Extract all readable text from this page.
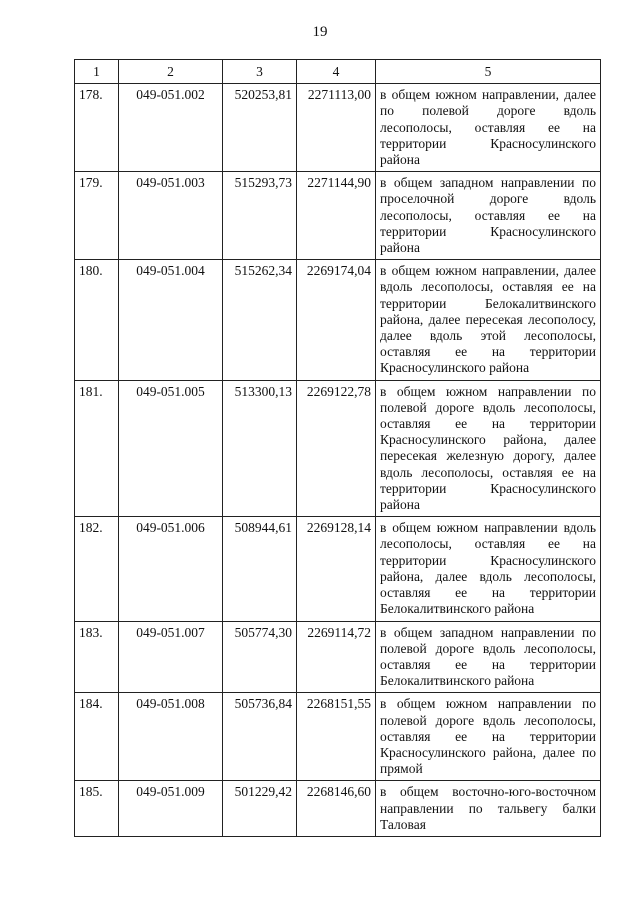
19
1	2	3	4	5
178.	049-051.002	520253,81	2271113,00	в общем южном направлении, далее по полевой дороге вдоль лесополосы, оставляя ее на территории Красносулинского района
179.	049-051.003	515293,73	2271144,90	в общем западном направлении по проселочной дороге вдоль лесополосы, оставляя ее на территории Красносулинского района
180.	049-051.004	515262,34	2269174,04	в общем южном направлении, далее вдоль лесополосы, оставляя ее на территории Белокалитвинского района, далее пересекая лесополосу, далее вдоль этой лесополосы, оставляя ее на территории Красносулинского района
181.	049-051.005	513300,13	2269122,78	в общем южном направлении по полевой дороге вдоль лесополосы, оставляя ее на территории Красносулинского района, далее пересекая железную дорогу, далее вдоль лесополосы, оставляя ее на территории Красносулинского района
182.	049-051.006	508944,61	2269128,14	в общем южном направлении вдоль лесополосы, оставляя ее на территории Красносулинского района, далее вдоль лесополосы, оставляя ее на территории Белокалитвинского района
183.	049-051.007	505774,30	2269114,72	в общем западном направлении по полевой дороге вдоль лесополосы, оставляя ее на территории Белокалитвинского района
184.	049-051.008	505736,84	2268151,55	в общем южном направлении по полевой дороге вдоль лесополосы, оставляя ее на территории Красносулинского района, далее по прямой
185.	049-051.009	501229,42	2268146,60	в общем восточно-юго-восточном направлении по тальвегу балки Таловая
